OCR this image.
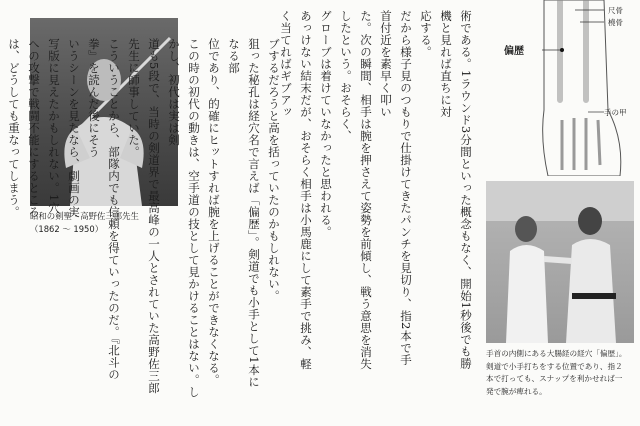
昭和の剣聖・高野佐三郎先生
（1862 〜 1950）	ブするだろうと高を括っていたのかもしれない。
狙った秘孔は経穴名で言えば「偏歴」。剣道でも小手として1本になる部
位であり、的確にヒットすれば腕を上げることができなくなる。
この時の初代の動きは、空手道の技として見かけることはない。しかし、初代は実は剣
道も5段で、当時の剣道界で最高峰の一人とされていた高野佐三郎先生に師事していた。
こういうことから、部隊内でも信頼を得ていったのだ。『北斗の拳』を読んだ後にそう
いうシーンを見たなら、劇画の実
写版に見えたかもしれない。1穴
への攻撃で戦闘不能にするところ
は、どうしても重なってしまう。	術である。1ラウンド3分間といった概念もなく、開始1秒後でも勝機と見れば直ちに対
応する。
だから様子見のつもりで仕掛けてきたパンチを見切り、指2本で手首付近を素早く叩い
た。次の瞬間、相手は腕を押さえて姿勢を前傾し、戦う意思を消失したという。おそらく、
グローブは着けていなかったと思われる。
あっけない結末だが、おそらく相手は小馬鹿にして素手で挑み、軽く当てればギブアッ	尺骨
橈骨
偏歴
手の甲
手首の内側にある大腸経の経穴「偏歴」。
剣道で小手打ちをする位置であり、指２
本で打っても、スナップを利かせれば一
発で腕が痺れる。
